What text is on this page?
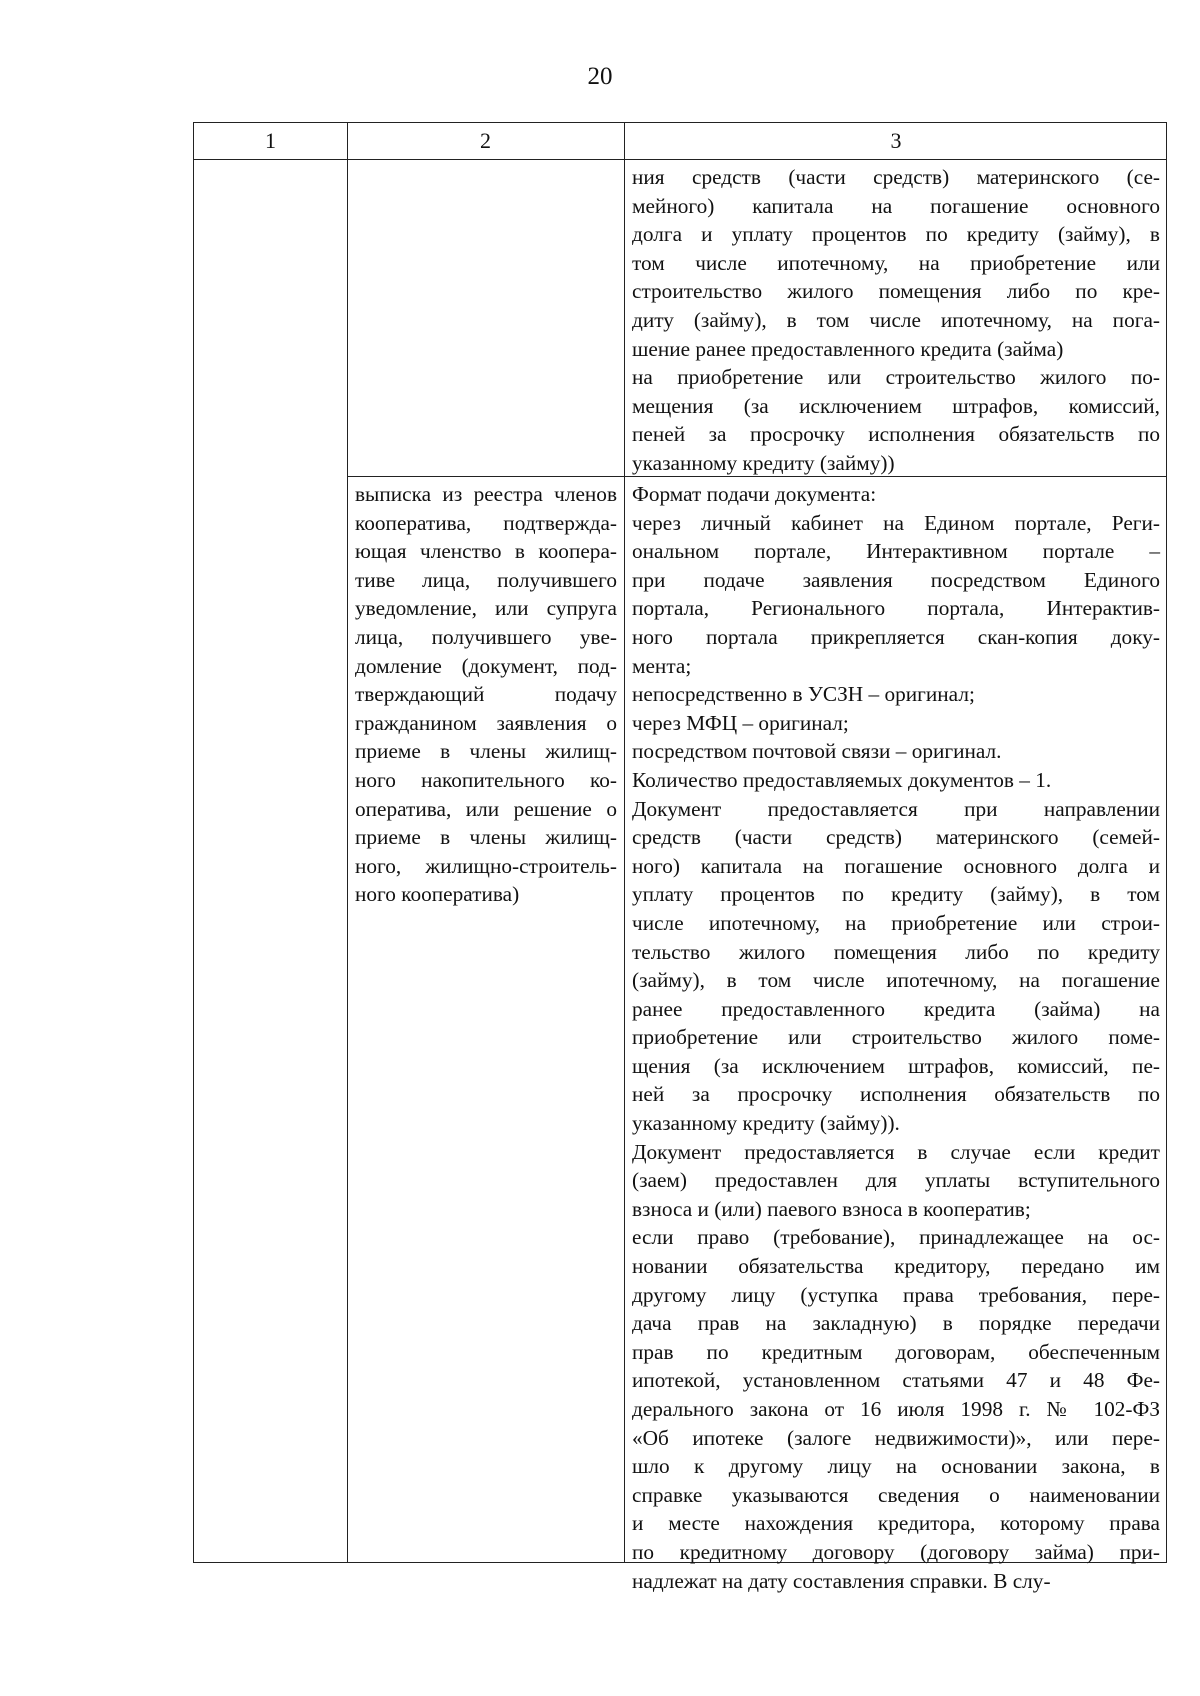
20
1	2	3
ния средств (части средств) материнского (се-
мейного) капитала на погашение основного
долга и уплату процентов по кредиту (займу), в
том числе ипотечному, на приобретение или
строительство жилого помещения либо по кре-
диту (займу), в том числе ипотечному, на пога-
шение ранее предоставленного кредита (займа)
на приобретение или строительство жилого по-
мещения (за исключением штрафов, комиссий,
пеней за просрочку исполнения обязательств по
указанному кредиту (займу))
выписка из реестра членов
кооператива, подтвержда-
ющая членство в коопера-
тиве лица, получившего
уведомление, или супруга
лица, получившего уве-
домление (документ, под-
тверждающий подачу
гражданином заявления о
приеме в члены жилищ-
ного накопительного ко-
оператива, или решение о
приеме в члены жилищ-
ного, жилищно-строитель-
ного кооператива)
Формат подачи документа:
через личный кабинет на Едином портале, Реги-
ональном портале, Интерактивном портале –
при подаче заявления посредством Единого
портала, Регионального портала, Интерактив-
ного портала прикрепляется скан-копия доку-
мента;
непосредственно в УСЗН – оригинал;
через МФЦ – оригинал;
посредством почтовой связи – оригинал.
Количество предоставляемых документов – 1.
Документ предоставляется при направлении
средств (части средств) материнского (семей-
ного) капитала на погашение основного долга и
уплату процентов по кредиту (займу), в том
числе ипотечному, на приобретение или строи-
тельство жилого помещения либо по кредиту
(займу), в том числе ипотечному, на погашение
ранее предоставленного кредита (займа) на
приобретение или строительство жилого поме-
щения (за исключением штрафов, комиссий, пе-
ней за просрочку исполнения обязательств по
указанному кредиту (займу)).
Документ предоставляется в случае если кредит
(заем) предоставлен для уплаты вступительного
взноса и (или) паевого взноса в кооператив;
если право (требование), принадлежащее на ос-
новании обязательства кредитору, передано им
другому лицу (уступка права требования, пере-
дача прав на закладную) в порядке передачи
прав по кредитным договорам, обеспеченным
ипотекой, установленном статьями 47 и 48 Фе-
дерального закона от 16 июля 1998 г. № 102-ФЗ
«Об ипотеке (залоге недвижимости)», или пере-
шло к другому лицу на основании закона, в
справке указываются сведения о наименовании
и месте нахождения кредитора, которому права
по кредитному договору (договору займа) при-
надлежат на дату составления справки. В слу-
